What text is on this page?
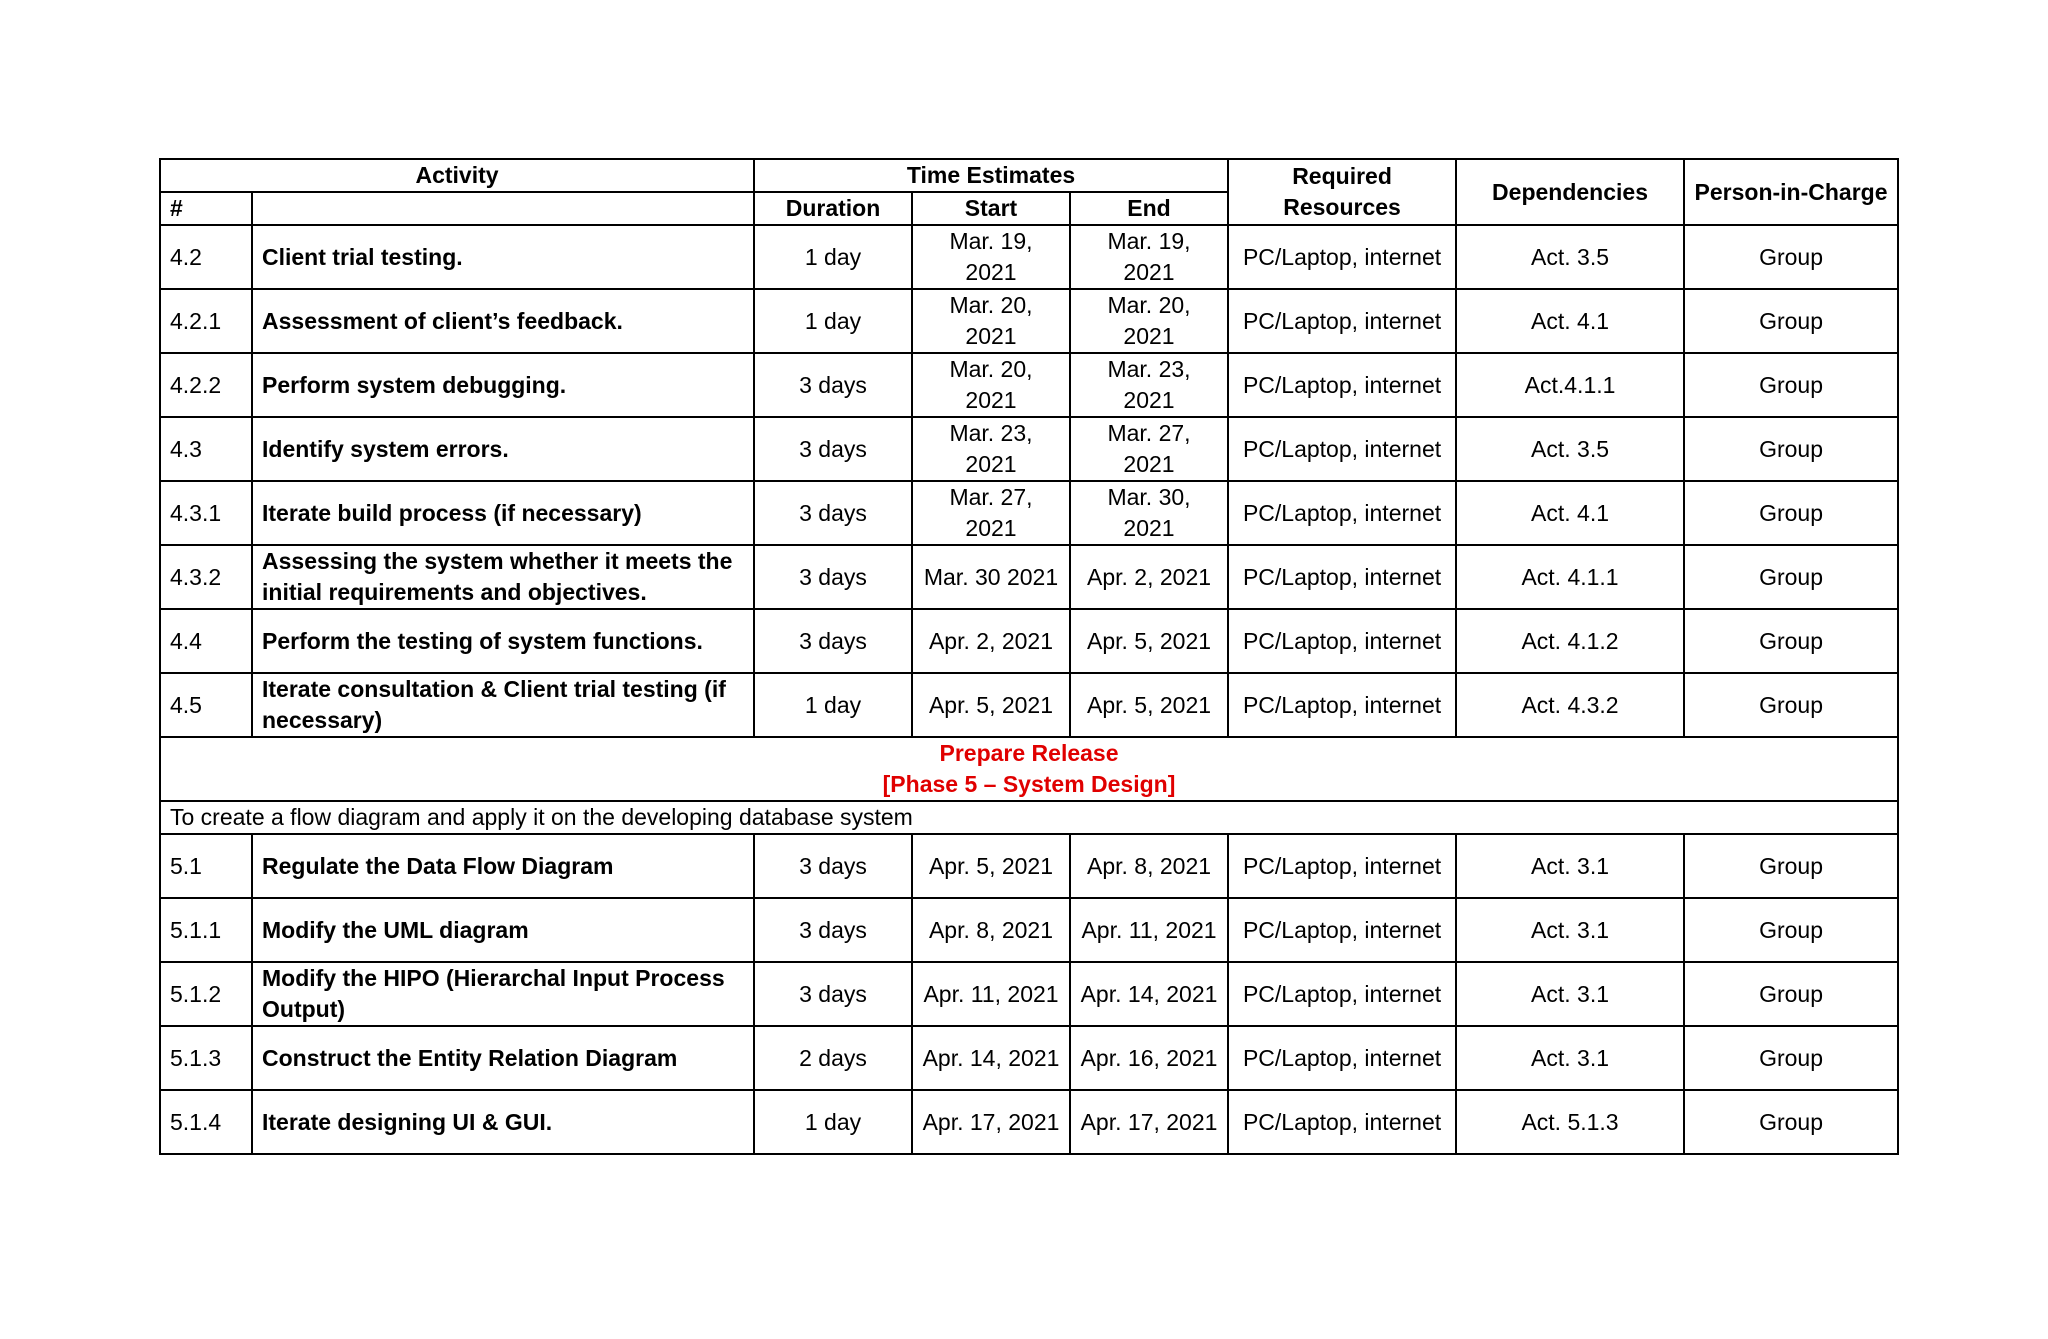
Activity		Time Estimates			Required Resources	Dependencies	Person-in-Charge
#		Duration	Start	End			
4.2	Client trial testing.	1 day	Mar. 19, 2021	Mar. 19, 2021	PC/Laptop, internet	Act. 3.5	Group
4.2.1	Assessment of client’s feedback.	1 day	Mar. 20, 2021	Mar. 20, 2021	PC/Laptop, internet	Act. 4.1	Group
4.2.2	Perform system debugging.	3 days	Mar. 20, 2021	Mar. 23, 2021	PC/Laptop, internet	Act.4.1.1	Group
4.3	Identify system errors.	3 days	Mar. 23, 2021	Mar. 27, 2021	PC/Laptop, internet	Act. 3.5	Group
4.3.1	Iterate build process (if necessary)	3 days	Mar. 27, 2021	Mar. 30, 2021	PC/Laptop, internet	Act. 4.1	Group
4.3.2	Assessing the system whether it meets the initial requirements and objectives.	3 days	Mar. 30 2021	Apr. 2, 2021	PC/Laptop, internet	Act. 4.1.1	Group
4.4	Perform the testing of system functions.	3 days	Apr. 2, 2021	Apr. 5, 2021	PC/Laptop, internet	Act. 4.1.2	Group
4.5	Iterate consultation & Client trial testing (if necessary)	1 day	Apr. 5, 2021	Apr. 5, 2021	PC/Laptop, internet	Act. 4.3.2	Group

Prepare Release
[Phase 5 – System Design]							

To create a flow diagram and apply it on the developing database system							
5.1	Regulate the Data Flow Diagram	3 days	Apr. 5, 2021	Apr. 8, 2021	PC/Laptop, internet	Act. 3.1	Group
5.1.1	Modify the UML diagram	3 days	Apr. 8, 2021	Apr. 11, 2021	PC/Laptop, internet	Act. 3.1	Group
5.1.2	Modify the HIPO (Hierarchal Input Process Output)	3 days	Apr. 11, 2021	Apr. 14, 2021	PC/Laptop, internet	Act. 3.1	Group
5.1.3	Construct the Entity Relation Diagram	2 days	Apr. 14, 2021	Apr. 16, 2021	PC/Laptop, internet	Act. 3.1	Group
5.1.4	Iterate designing UI & GUI.	1 day	Apr. 17, 2021	Apr. 17, 2021	PC/Laptop, internet	Act. 5.1.3	Group
